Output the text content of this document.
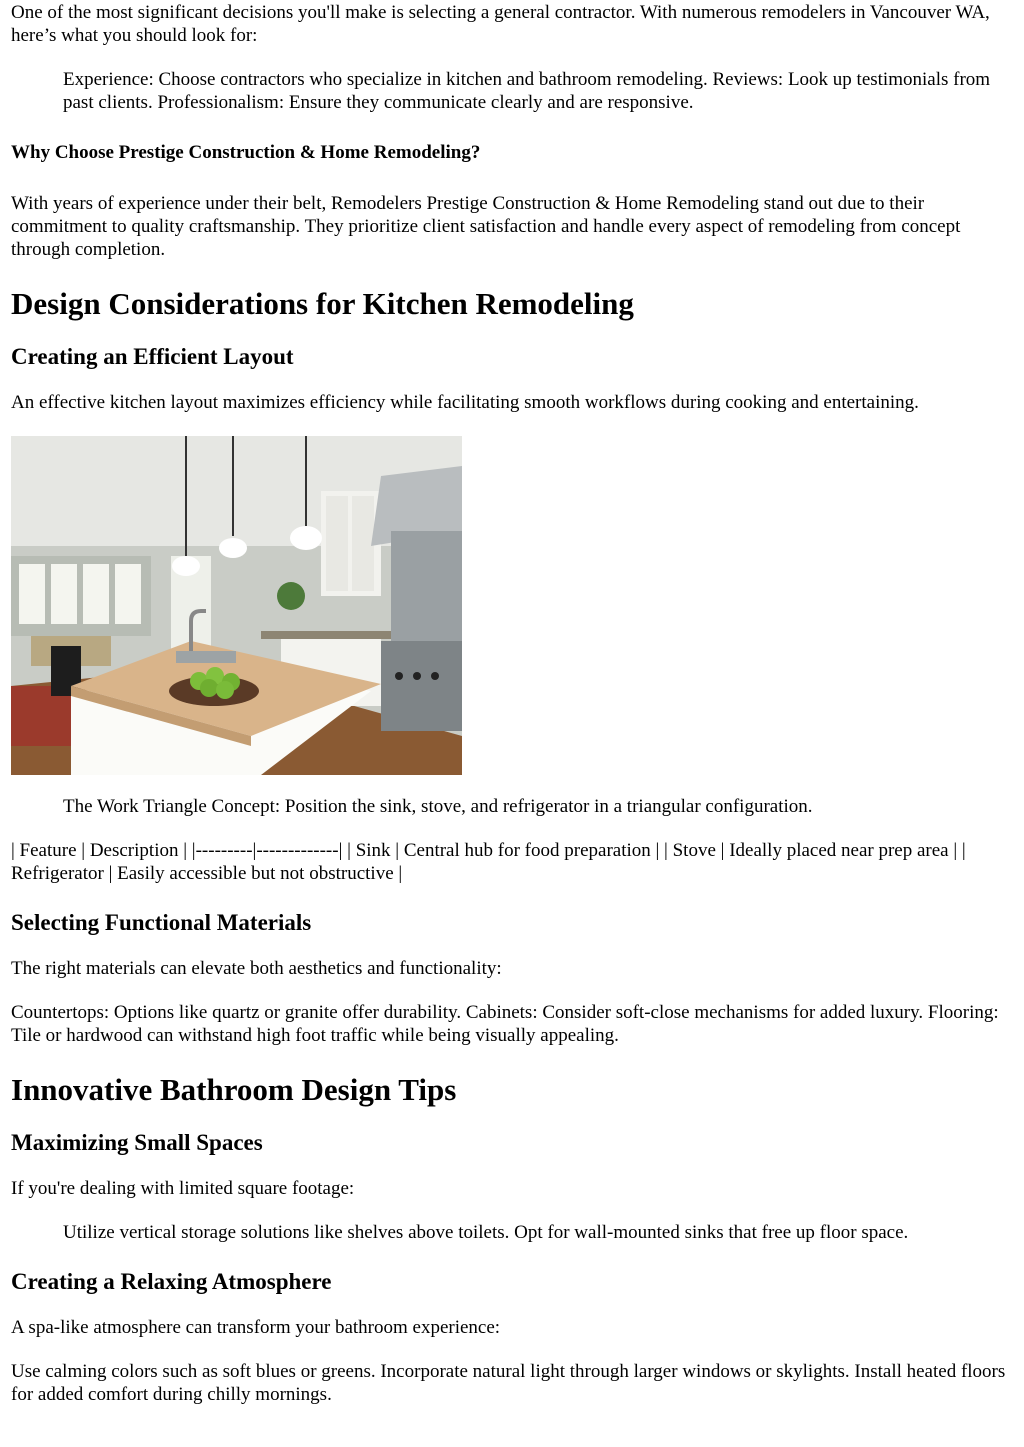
One of the most significant decisions you'll make is selecting a general contractor. With numerous remodelers in Vancouver WA, here’s what you should look for:

Experience: Choose contractors who specialize in kitchen and bathroom remodeling. Reviews: Look up testimonials from past clients. Professionalism: Ensure they communicate clearly and are responsive.

Why Choose Prestige Construction & Home Remodeling?

With years of experience under their belt, Remodelers Prestige Construction & Home Remodeling stand out due to their commitment to quality craftsmanship. They prioritize client satisfaction and handle every aspect of remodeling from concept through completion.

Design Considerations for Kitchen Remodeling
Creating an Efficient Layout

An effective kitchen layout maximizes efficiency while facilitating smooth workflows during cooking and entertaining.

The Work Triangle Concept: Position the sink, stove, and refrigerator in a triangular configuration.

| Feature | Description | |---------|-------------| | Sink | Central hub for food preparation | | Stove | Ideally placed near prep area | | Refrigerator | Easily accessible but not obstructive |

Selecting Functional Materials

The right materials can elevate both aesthetics and functionality:

Countertops: Options like quartz or granite offer durability. Cabinets: Consider soft-close mechanisms for added luxury. Flooring: Tile or hardwood can withstand high foot traffic while being visually appealing.

Innovative Bathroom Design Tips
Maximizing Small Spaces

If you're dealing with limited square footage:

Utilize vertical storage solutions like shelves above toilets. Opt for wall-mounted sinks that free up floor space.

Creating a Relaxing Atmosphere

A spa-like atmosphere can transform your bathroom experience:

Use calming colors such as soft blues or greens. Incorporate natural light through larger windows or skylights. Install heated floors for added comfort during chilly mornings.
